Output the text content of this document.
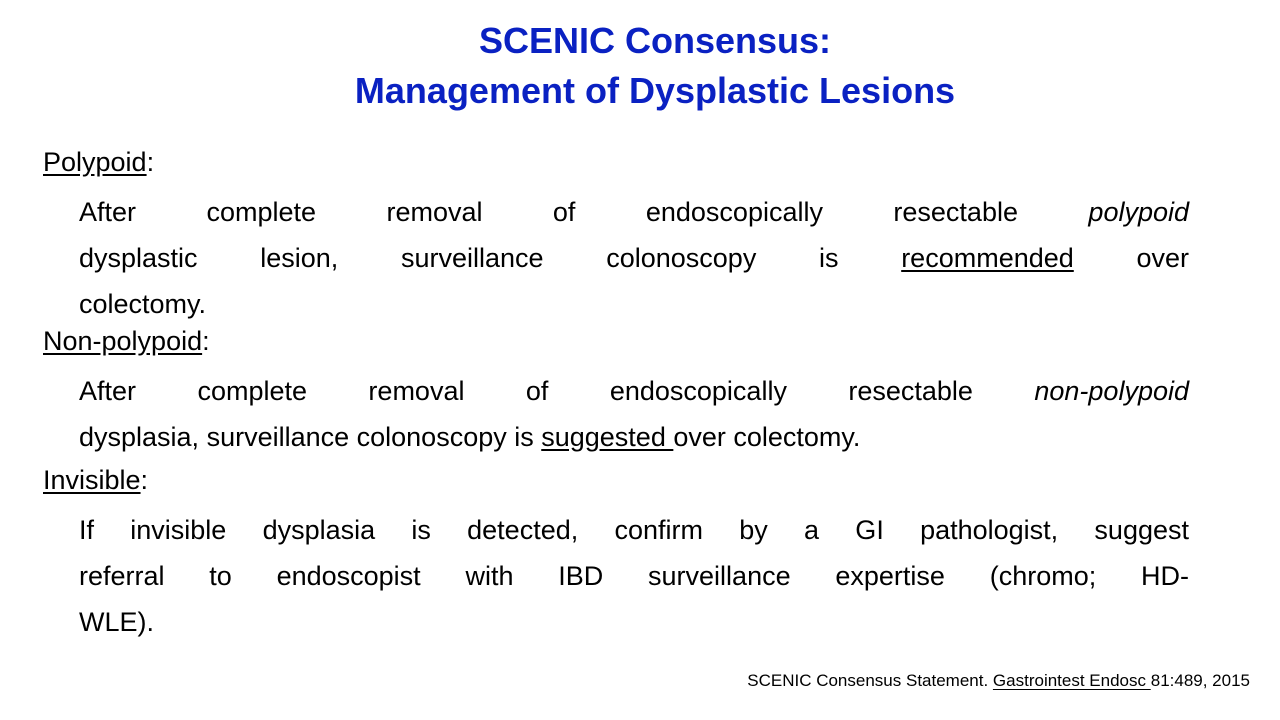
SCENIC Consensus:
Management of Dysplastic Lesions
Polypoid:
After complete removal of endoscopically resectable polypoid
dysplastic lesion, surveillance colonoscopy is recommended over
colectomy.
Non-polypoid:
After complete removal of endoscopically resectable non-polypoid
dysplasia, surveillance colonoscopy is suggested over colectomy.
Invisible:
If invisible dysplasia is detected, confirm by a GI pathologist, suggest
referral to endoscopist with IBD surveillance expertise (chromo; HD-
WLE).
SCENIC Consensus Statement. Gastrointest Endosc 81:489, 2015
